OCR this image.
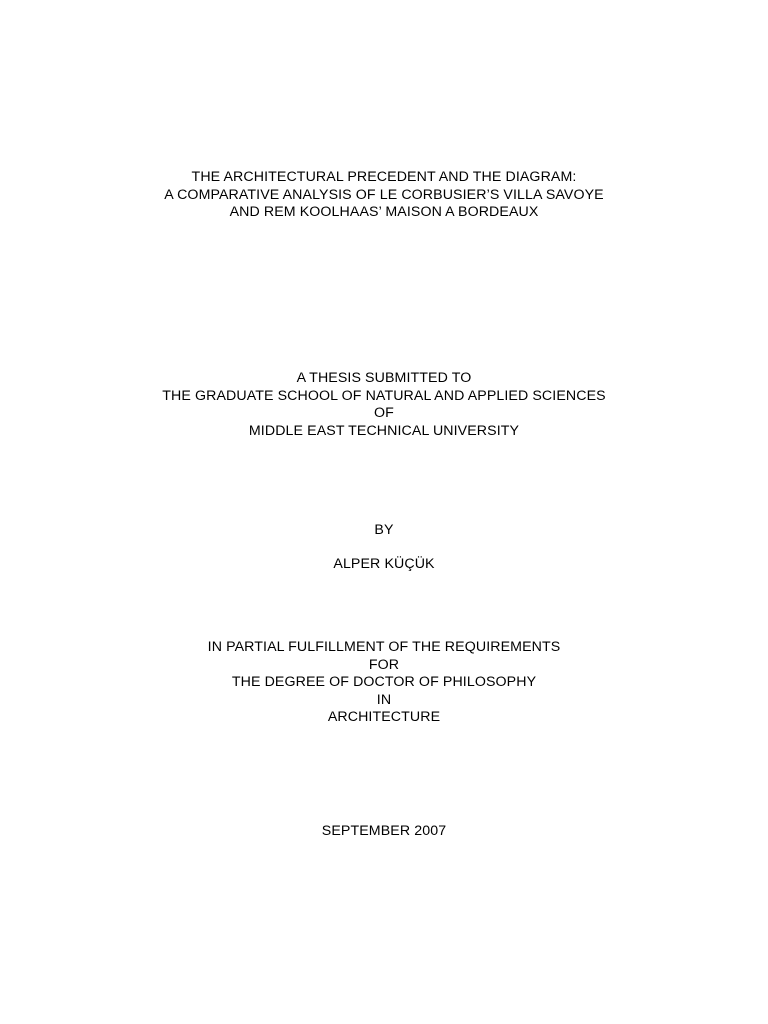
THE ARCHITECTURAL PRECEDENT AND THE DIAGRAM:
A COMPARATIVE ANALYSIS OF LE CORBUSIER’S VILLA SAVOYE
AND REM KOOLHAAS’ MAISON A BORDEAUX
A THESIS SUBMITTED TO
THE GRADUATE SCHOOL OF NATURAL AND APPLIED SCIENCES
OF
MIDDLE EAST TECHNICAL UNIVERSITY
BY
ALPER KÜÇÜK
IN PARTIAL FULFILLMENT OF THE REQUIREMENTS
FOR
THE DEGREE OF DOCTOR OF PHILOSOPHY
IN
ARCHITECTURE
SEPTEMBER 2007
